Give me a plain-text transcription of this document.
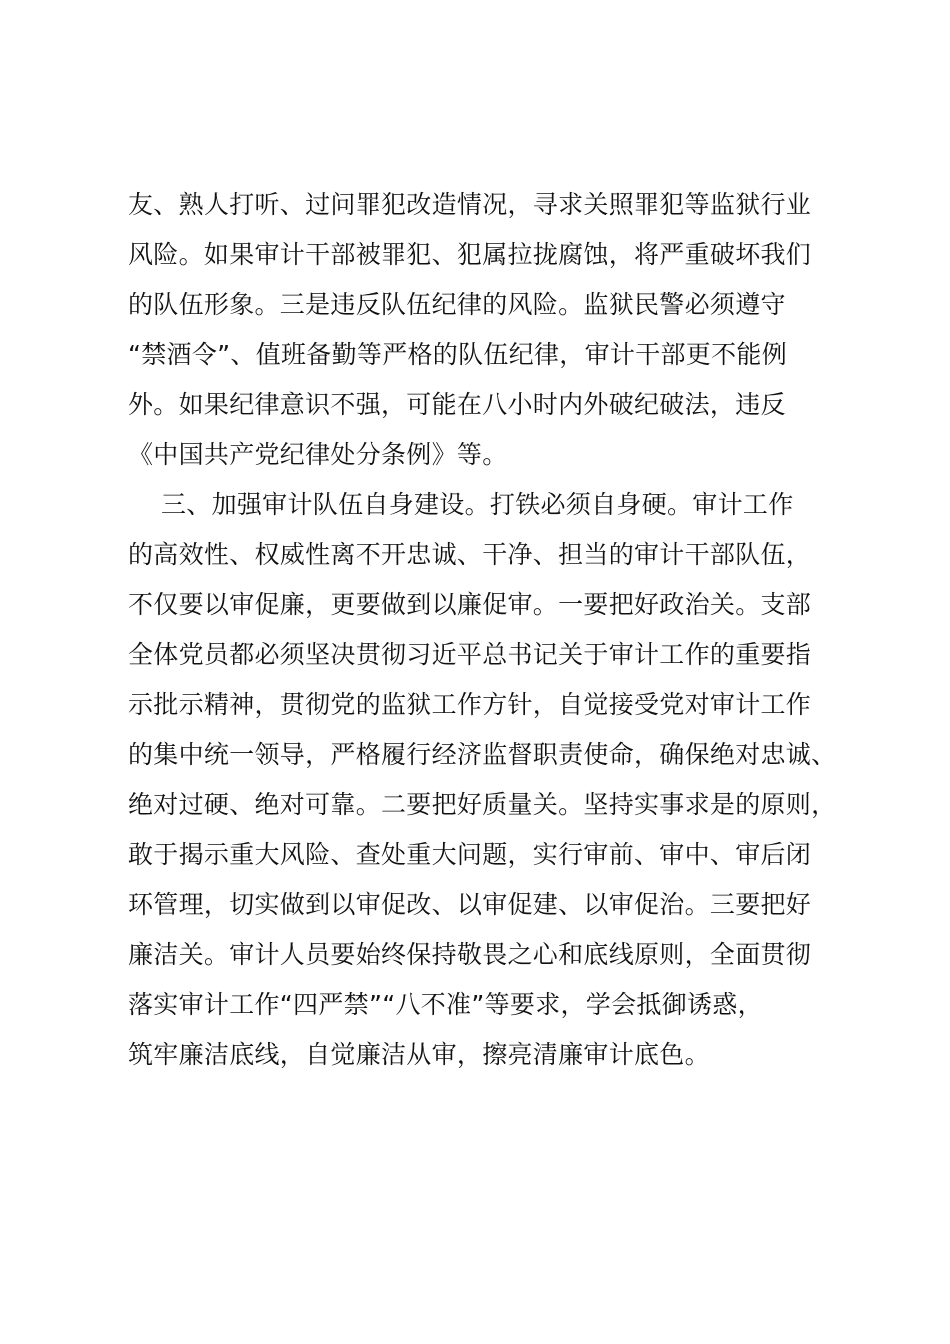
友、熟人打听、过问罪犯改造情况，寻求关照罪犯等监狱行业
风险。如果审计干部被罪犯、犯属拉拢腐蚀，将严重破坏我们
的队伍形象。三是违反队伍纪律的风险。监狱民警必须遵守
“禁酒令”、值班备勤等严格的队伍纪律，审计干部更不能例
外。如果纪律意识不强，可能在八小时内外破纪破法，违反
《中国共产党纪律处分条例》等。
三、加强审计队伍自身建设。打铁必须自身硬。审计工作
的高效性、权威性离不开忠诚、干净、担当的审计干部队伍，
不仅要以审促廉，更要做到以廉促审。一要把好政治关。支部
全体党员都必须坚决贯彻习近平总书记关于审计工作的重要指
示批示精神，贯彻党的监狱工作方针，自觉接受党对审计工作
的集中统一领导，严格履行经济监督职责使命，确保绝对忠诚、
绝对过硬、绝对可靠。二要把好质量关。坚持实事求是的原则，
敢于揭示重大风险、查处重大问题，实行审前、审中、审后闭
环管理，切实做到以审促改、以审促建、以审促治。三要把好
廉洁关。审计人员要始终保持敬畏之心和底线原则，全面贯彻
落实审计工作“四严禁”“八不准”等要求，学会抵御诱惑，
筑牢廉洁底线，自觉廉洁从审，擦亮清廉审计底色。
